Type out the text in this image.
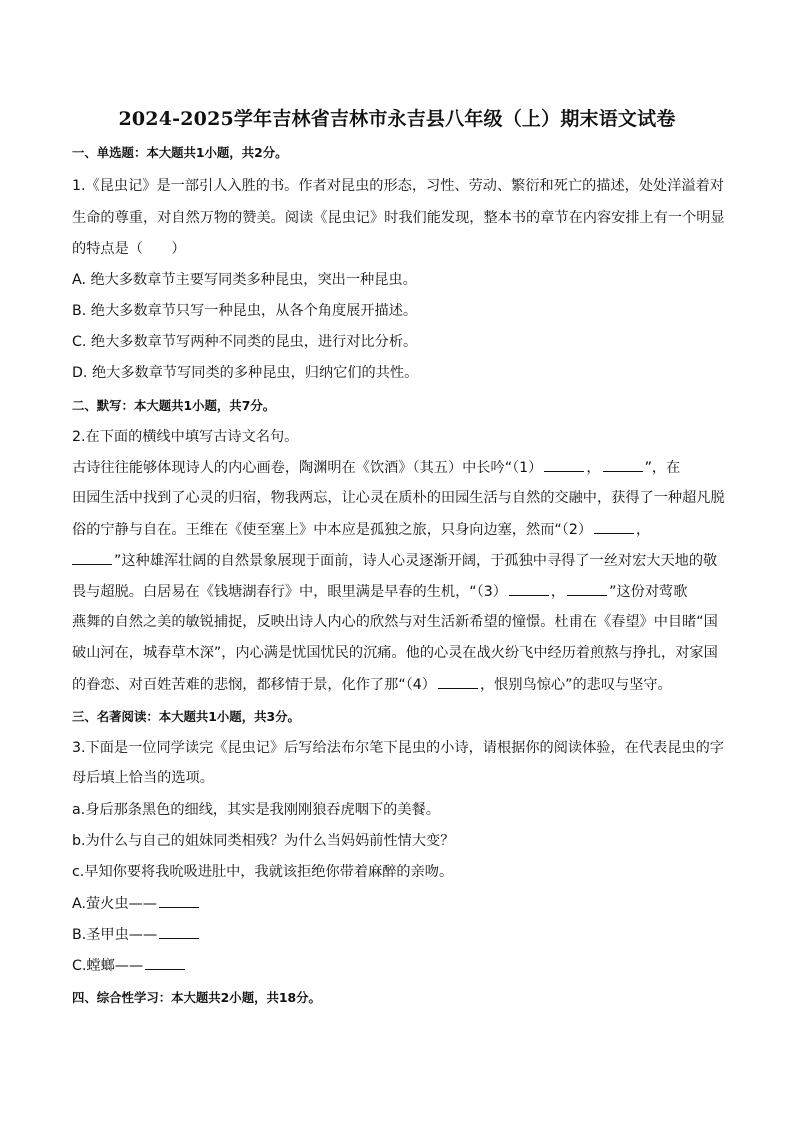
2024-2025学年吉林省吉林市永吉县八年级（上）期末语文试卷
一、单选题：本大题共1小题，共2分。
1.《昆虫记》是一部引人入胜的书。作者对昆虫的形态，习性、劳动、繁衍和死亡的描述，处处洋溢着对
生命的尊重，对自然万物的赞美。阅读《昆虫记》时我们能发现，整本书的章节在内容安排上有一个明显
的特点是（　　）
A. 绝大多数章节主要写同类多种昆虫，突出一种昆虫。
B. 绝大多数章节只写一种昆虫，从各个角度展开描述。
C. 绝大多数章节写两种不同类的昆虫，进行对比分析。
D. 绝大多数章节写同类的多种昆虫，归纳它们的共性。
二、默写：本大题共1小题，共7分。
2.在下面的横线中填写古诗文名句。
古诗往往能够体现诗人的内心画卷，陶渊明在《饮酒》（其五）中长吟“（1）	，	”，在
田园生活中找到了心灵的归宿，物我两忘，让心灵在质朴的田园生活与自然的交融中，获得了一种超凡脱
俗的宁静与自在。王维在《使至塞上》中本应是孤独之旅，只身向边塞，然而“（2）	，
”这种雄浑壮阔的自然景象展现于面前，诗人心灵逐渐开阔，于孤独中寻得了一丝对宏大天地的敬
畏与超脱。白居易在《钱塘湖春行》中，眼里满是早春的生机，“（3）	，	”这份对莺歌
燕舞的自然之美的敏锐捕捉，反映出诗人内心的欣然与对生活新希望的憧憬。杜甫在《春望》中目睹“国
破山河在，城春草木深”，内心满是忧国忧民的沉痛。他的心灵在战火纷飞中经历着煎熬与挣扎，对家国
的眷恋、对百姓苦难的悲悯，都移情于景，化作了那“（4）	，恨别鸟惊心”的悲叹与坚守。
三、名著阅读：本大题共1小题，共3分。
3.下面是一位同学读完《昆虫记》后写给法布尔笔下昆虫的小诗，请根据你的阅读体验，在代表昆虫的字
母后填上恰当的选项。
a.身后那条黑色的细线，其实是我刚刚狼吞虎咽下的美餐。
b.为什么与自己的姐妹同类相残？为什么当妈妈前性情大变？
c.早知你要将我吮吸进肚中，我就该拒绝你带着麻醉的亲吻。
A.萤火虫——
B.圣甲虫——
C.螳螂——
四、综合性学习：本大题共2小题，共18分。
